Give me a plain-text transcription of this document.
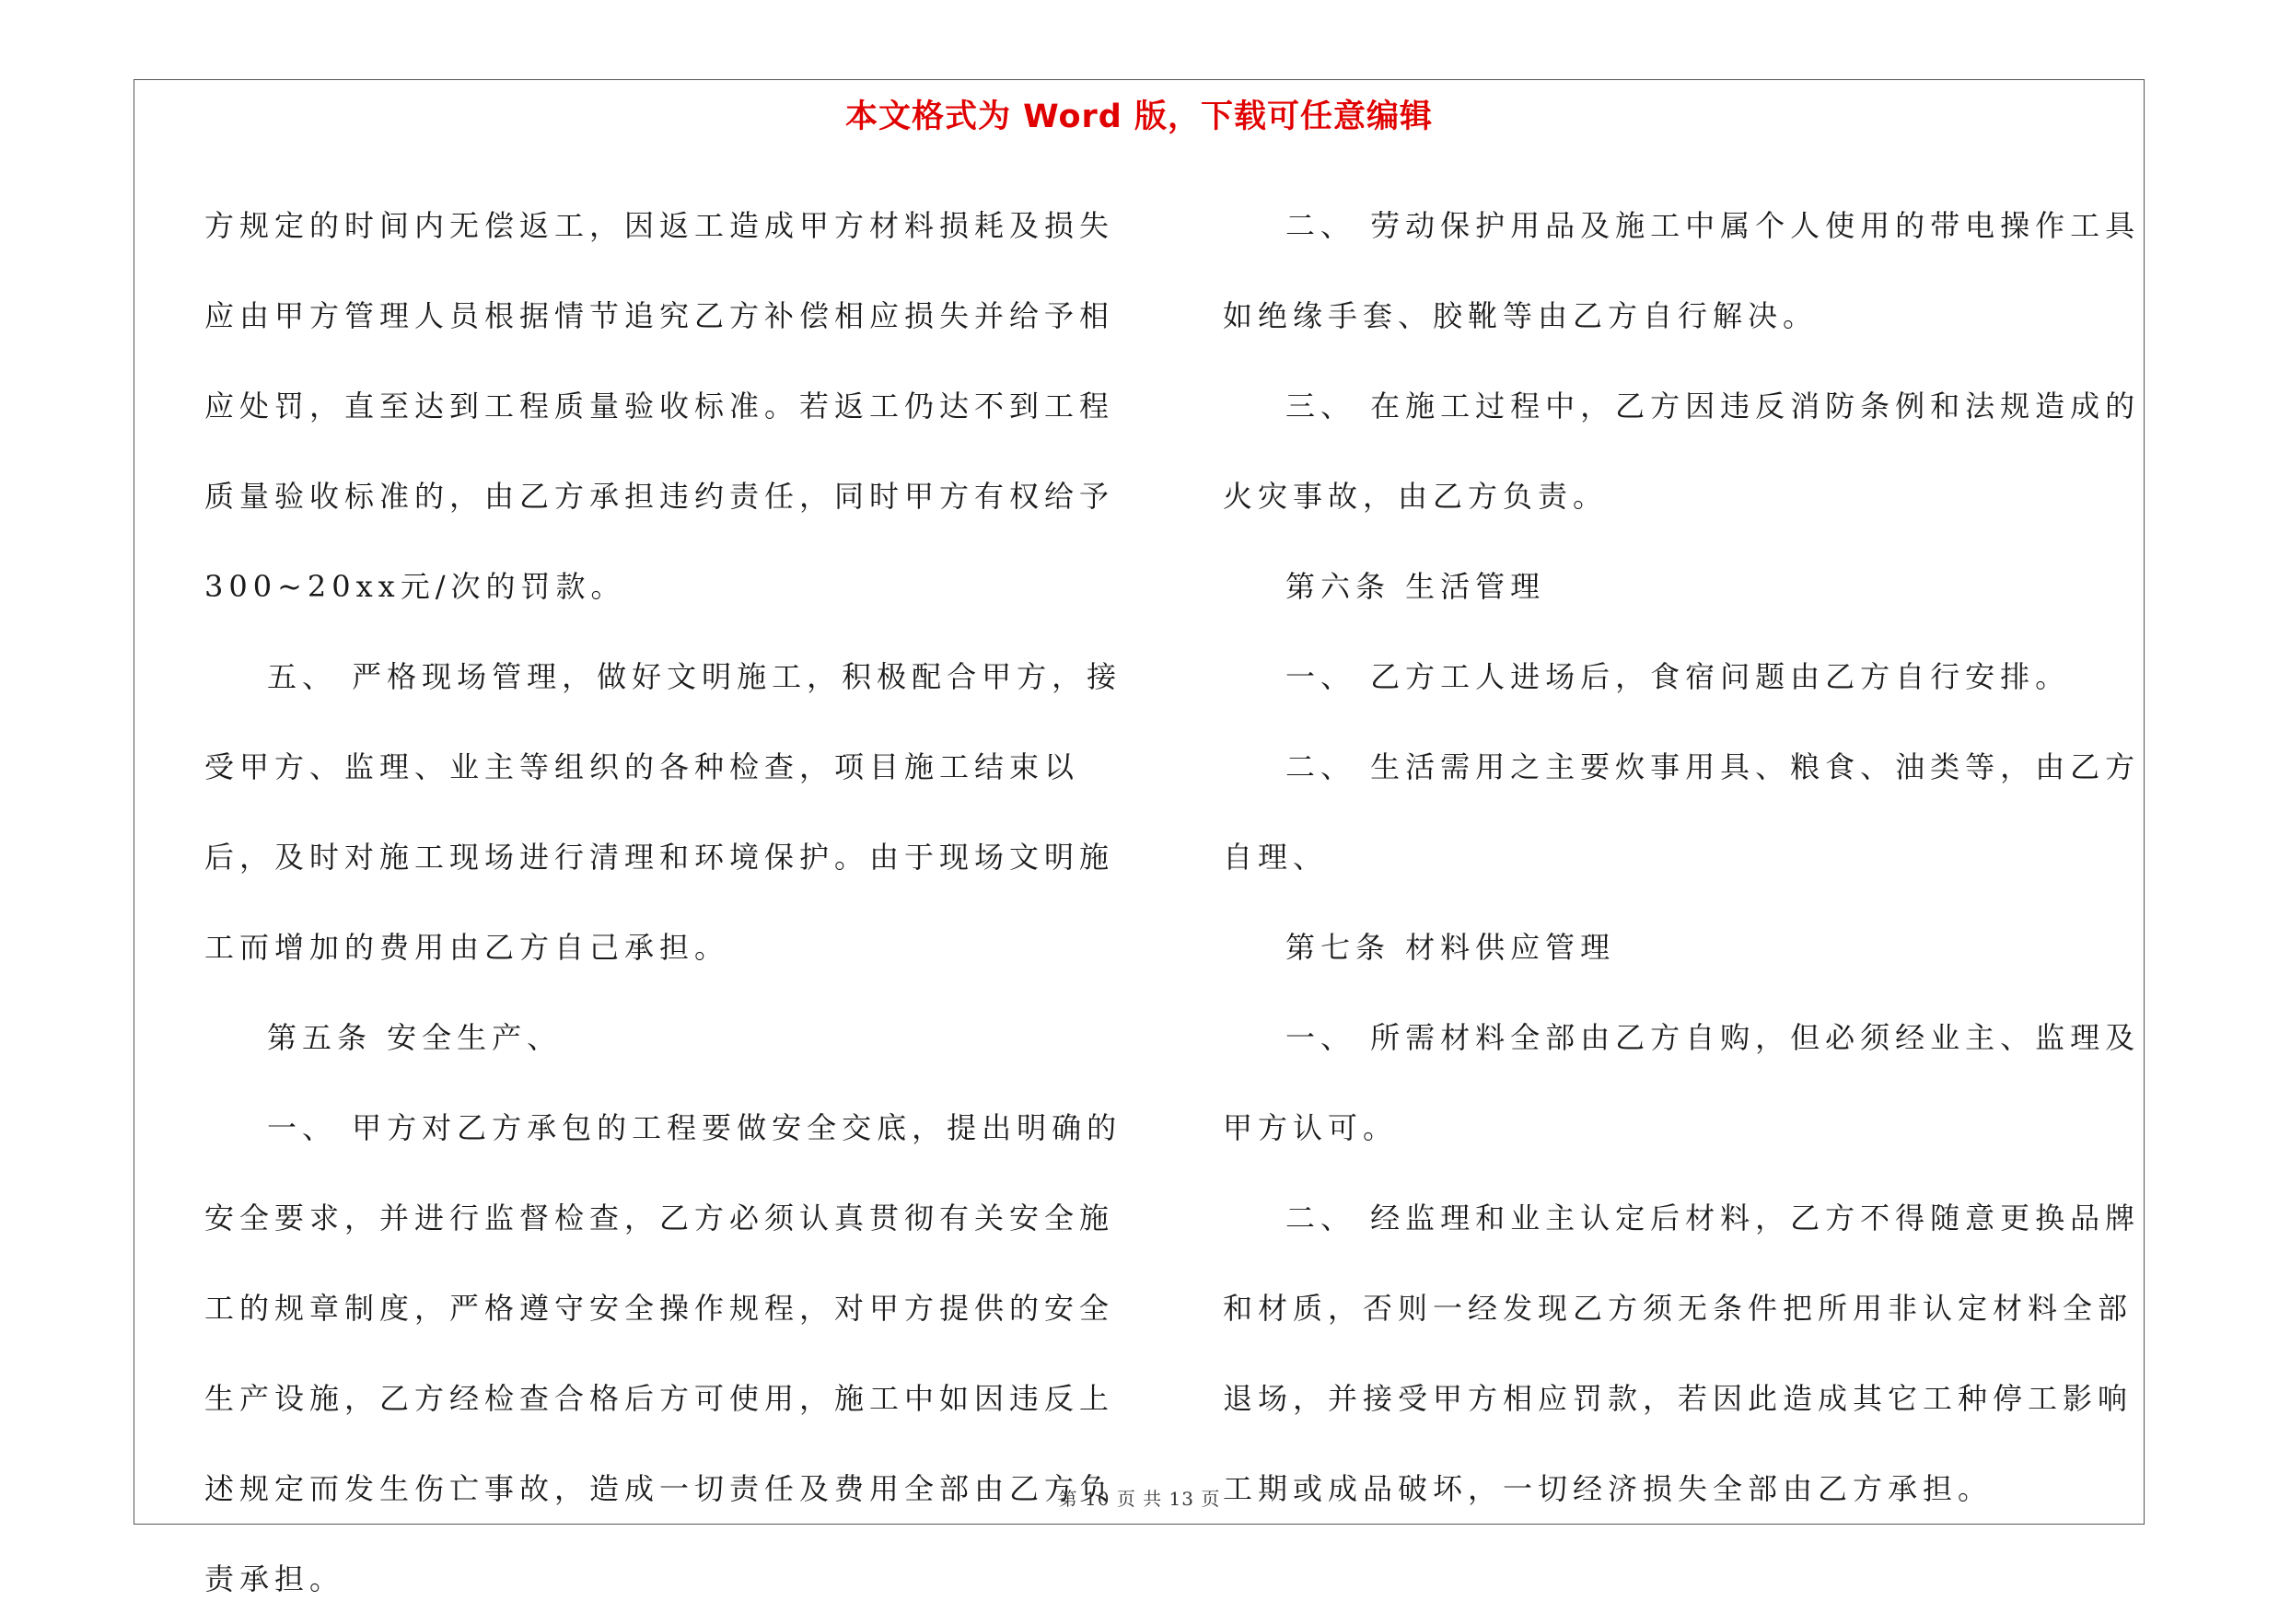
本文格式为 Word 版，下载可任意编辑

方规定的时间内无偿返工，因返工造成甲方材料损耗及损失应由甲方管理人员根据情节追究乙方补偿相应损失并给予相应处罚，直至达到工程质量验收标准。若返工仍达不到工程质量验收标准的，由乙方承担违约责任，同时甲方有权给予300~20xx元/次的罚款。

五、 严格现场管理，做好文明施工，积极配合甲方，接受甲方、监理、业主等组织的各种检查，项目施工结束以后，及时对施工现场进行清理和环境保护。由于现场文明施工而增加的费用由乙方自己承担。

第五条 安全生产、

一、 甲方对乙方承包的工程要做安全交底，提出明确的安全要求，并进行监督检查，乙方必须认真贯彻有关安全施工的规章制度，严格遵守安全操作规程，对甲方提供的安全生产设施，乙方经检查合格后方可使用，施工中如因违反上述规定而发生伤亡事故，造成一切责任及费用全部由乙方负责承担。

二、 劳动保护用品及施工中属个人使用的带电操作工具如绝缘手套、胶靴等由乙方自行解决。

三、 在施工过程中，乙方因违反消防条例和法规造成的火灾事故，由乙方负责。

第六条 生活管理

一、 乙方工人进场后，食宿问题由乙方自行安排。

二、 生活需用之主要炊事用具、粮食、油类等，由乙方自理、

第七条 材料供应管理

一、 所需材料全部由乙方自购，但必须经业主、监理及甲方认可。

二、 经监理和业主认定后材料，乙方不得随意更换品牌和材质，否则一经发现乙方须无条件把所用非认定材料全部退场，并接受甲方相应罚款，若因此造成其它工种停工影响工期或成品破坏，一切经济损失全部由乙方承担。

第 10 页 共 13 页
